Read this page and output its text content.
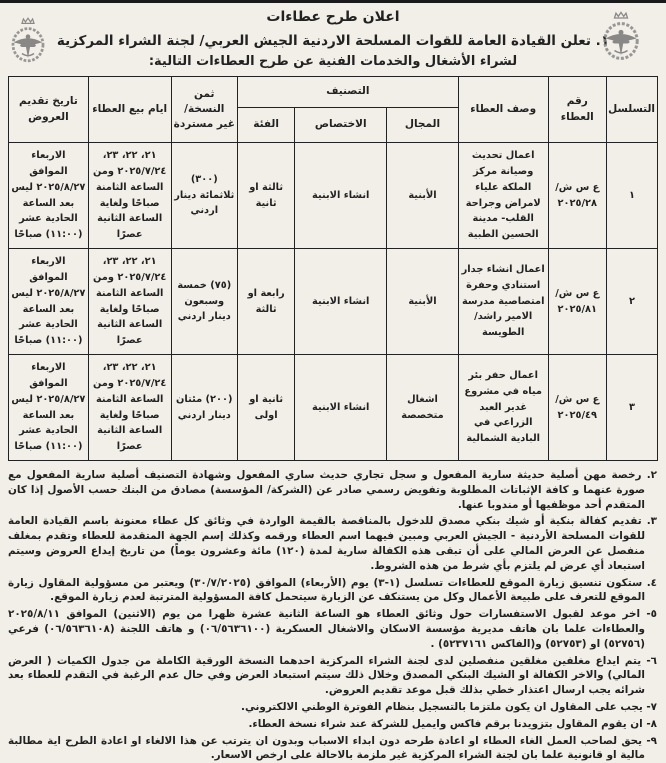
اعلان طرح عطاءات
١. تعلن القيادة العامة للقوات المسلحة الاردنية الجيش العربي/ لجنة الشراء المركزية
لشراء الأشغال والخدمات الفنية عن طرح العطاءات التالية:
التسلسل	رقم العطاء	وصف العطاء	التصنيف			ثمن النسخة/ غير مستردة	ايام بيع العطاء	تاريخ تقديم العروض
			المجال	الاختصاص	الفئة			
١	ع س ش/ ٢٠٢٥/٢٨	اعمال تحديث وصيانة مركز الملكة علياء لامراض وجراحة القلب- مدينة الحسين الطبية	الأبنية	انشاء الابنية	ثالثة او ثانية	(٣٠٠) ثلاثمائة دينار اردني	٢١، ٢٢، ٢٣، ٢٠٢٥/٧/٢٤ ومن الساعة الثامنة صباحًا ولغاية الساعة الثانية عصرًا	الاربعاء الموافق ٢٠٢٥/٨/٢٧ ليس بعد الساعة الحادية عشر (١١:٠٠) صباحًا
٢	ع س ش/ ٢٠٢٥/٨١	اعمال انشاء جدار استنادي وحفرة امتصاصية مدرسة الامير راشد/الطويسة	الأبنية	انشاء الابنية	رابعة او ثالثة	(٧٥) خمسة وسبعون دينار اردني	٢١، ٢٢، ٢٣، ٢٠٢٥/٧/٢٤ ومن الساعة الثامنة صباحًا ولغاية الساعة الثانية عصرًا	الاربعاء الموافق ٢٠٢٥/٨/٢٧ ليس بعد الساعة الحادية عشر (١١:٠٠) صباحًا
٣	ع س ش/ ٢٠٢٥/٤٩	اعمال حفر بئر مياه في مشروع غدير العبد الزراعي في البادية الشمالية	اشغال متخصصة	انشاء الابنية	ثانية او اولى	(٢٠٠) مئتان دينار اردني	٢١، ٢٢، ٢٣، ٢٠٢٥/٧/٢٤ ومن الساعة الثامنة صباحًا ولغاية الساعة الثانية عصرًا	الاربعاء الموافق ٢٠٢٥/٨/٢٧ ليس بعد الساعة الحادية عشر (١١:٠٠) صباحًا

٢. رخصة مهن أصلية حديثة سارية المفعول و سجل تجاري حديث ساري المفعول وشهادة التصنيف أصلية سارية المفعول مع صورة عنهما و كافة الإثباتات المطلوبة وتفويض رسمي صادر عن (الشركة/ المؤسسة) مصادق من البنك حسب الأصول إذا كان المتقدم أحد موظفيها أو مندوبا عنها.

٣. تقديم كفالة بنكية أو شيك بنكي مصدق للدخول بالمناقصة بالقيمة الواردة في وثائق كل عطاء معنونة باسم القيادة العامة للقوات المسلحة الأردنية - الجيش العربي ومبين فيهما اسم العطاء ورقمه وكذلك إسم الجهة المتقدمة للعطاء وتقدم بمغلف منفصل عن العرض المالي على أن تبقى هذه الكفالة سارية لمدة (١٢٠) مائة وعشرون يوماً) من تاريخ إيداع العروض وسيتم استبعاد أي عرض لم يلتزم بأي شرط من هذه الشروط.

٤. ستكون تنسيق زيارة الموقع للعطاءات تسلسل (‎١-٣‎) يوم (الأربعاء) الموافق (٣٠/٧/٢٠٢٥) ويعتبر من مسؤولية المقاول زيارة الموقع للتعرف على طبيعة الأعمال وكل من يستنكف عن الزيارة سيتحمل كافة المسؤولية المترتبة لعدم زيارة الموقع.

٥- اخر موعد لقبول الاستفسارات حول وثائق العطاء هو الساعة الثانية عشرة ظهرا من يوم (الاثنين) الموافق ٢٠٢٥/٨/١١ والعطاءات علما بان هاتف مديرية مؤسسة الاسكان والاشغال العسكرية (٠٦/٥٦٣٦١٠٠) و هاتف اللجنة (٠٦/٥٦٣٦١٠٨) فرعي (٥٢٧٥٦) او (٥٢٧٥٣) و(الفاكس ٥٢٣٧١٦١) .

٦- يتم ايداع مغلفين مغلقين منفصلين لدى لجنة الشراء المركزية احدهما النسخة الورقية الكاملة من جدول الكميات ( العرض المالي) والاخر الكفالة او الشيك البنكي المصدق وخلال ذلك سيتم استبعاد العرض وفي حال عدم الرغبة في التقدم للعطاء بعد شرائه يجب ارسال اعتذار خطي بذلك قبل موعد تقديم العروض.

٧- يجب على المقاول ان يكون ملتزما بالتسجيل بنظام الفوترة الوطني الالكتروني.

٨- ان يقوم المقاول بتزويدنا برقم فاكس وايميل للشركة عند شراء نسخة العطاء.

٩- يحق لصاحب العمل الغاء العطاء او اعادة طرحه دون ابداء الاسباب وبدون ان يترتب عن هذا الالغاء او اعادة الطرح اية مطالبة مالية او قانونية علما بان لجنة الشراء المركزية غير ملزمة بالاحالة على ارخص الاسعار.
